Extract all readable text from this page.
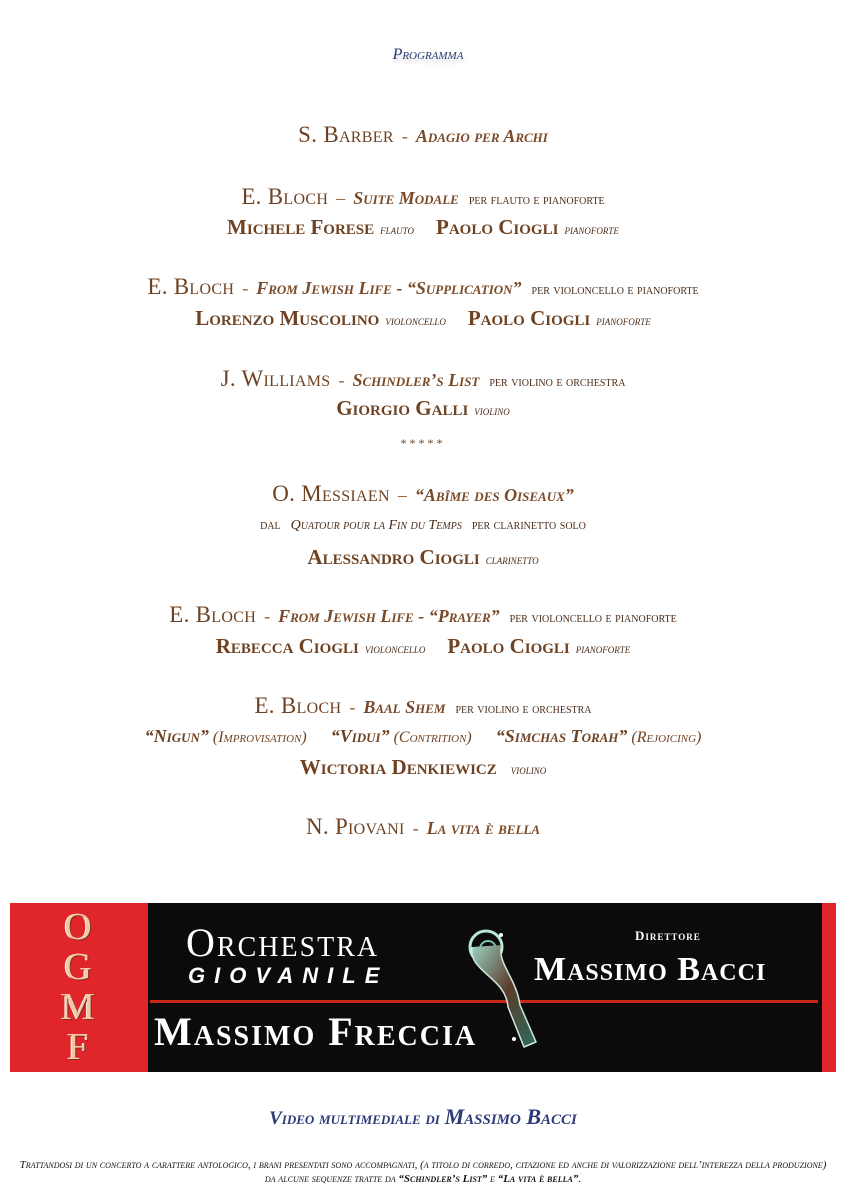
Programma
S. Barber - Adagio per Archi
E. Bloch – Suite Modale per flauto e pianoforte
Michele Forese flauto Paolo Ciogli pianoforte
E. Bloch - From Jewish Life - “Supplication” per violoncello e pianoforte
Lorenzo Muscolino violoncello Paolo Ciogli pianoforte
J. Williams - Schindler’s List per violino e orchestra
Giorgio Galli violino
*****
O. Messiaen – “Abîme des Oiseaux”
dal Quatour pour la Fin du Temps per clarinetto solo
Alessandro Ciogli clarinetto
E. Bloch - From Jewish Life - “Prayer” per violoncello e pianoforte
Rebecca Ciogli violoncello Paolo Ciogli pianoforte
E. Bloch - Baal Shem per violino e orchestra
“Nigun” (Improvisation) “Vidui” (Contrition) “Simchas Torah” (Rejoicing)
Wictoria Denkiewicz violino
N. Piovani - La vita è bella
O
G
M
F
Orchestra
GIOVANILE
Direttore
Massimo Bacci
Massimo Freccia
Video multimediale di Massimo Bacci
Trattandosi di un concerto a carattere antologico, i brani presentati sono accompagnati, (a titolo di corredo, citazione ed anche di valorizzazione dell’interezza della produzione) da alcune sequenze tratte da “Schindler’s List” e “La vita è bella”.
